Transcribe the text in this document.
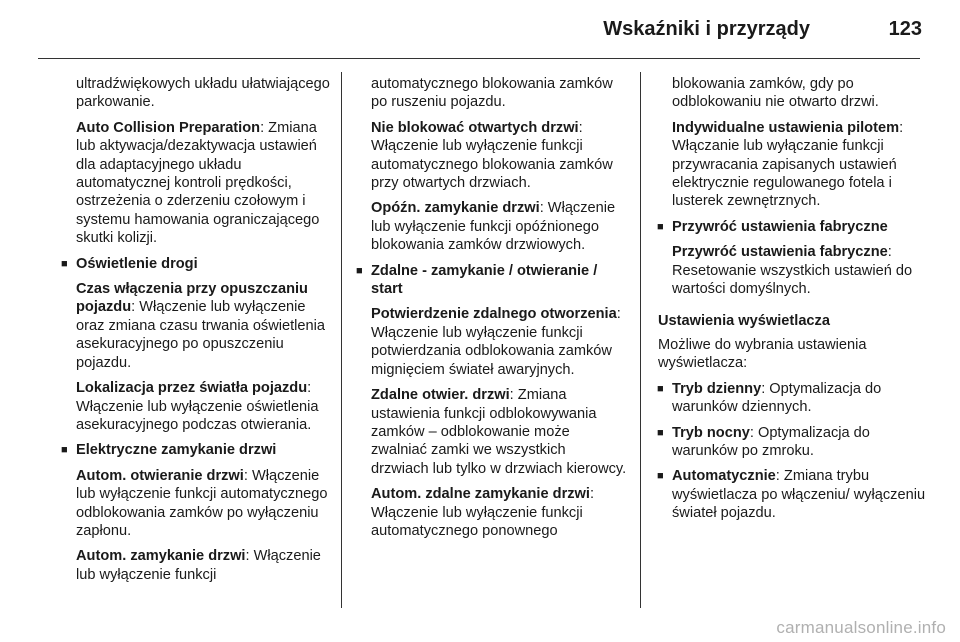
Wskaźniki i przyrządy	123

ultradźwiękowych układu ułatwiającego parkowanie.

Auto Collision Preparation: Zmiana lub aktywacja/dezaktywacja ustawień dla adaptacyjnego układu automatycznej kontroli prędkości, ostrzeżenia o zderzeniu czołowym i systemu hamowania ograniczającego skutki kolizji.

■ Oświetlenie drogi

Czas włączenia przy opuszczaniu pojazdu: Włączenie lub wyłączenie oraz zmiana czasu trwania oświetlenia asekuracyjnego po opuszczeniu pojazdu.

Lokalizacja przez światła pojazdu: Włączenie lub wyłączenie oświetlenia asekuracyjnego podczas otwierania.

■ Elektryczne zamykanie drzwi

Autom. otwieranie drzwi: Włączenie lub wyłączenie funkcji automatycznego odblokowania zamków po wyłączeniu zapłonu.

Autom. zamykanie drzwi: Włączenie lub wyłączenie funkcji

automatycznego blokowania zamków po ruszeniu pojazdu.

Nie blokować otwartych drzwi: Włączenie lub wyłączenie funkcji automatycznego blokowania zamków przy otwartych drzwiach.

Opóźn. zamykanie drzwi: Włączenie lub wyłączenie funkcji opóźnionego blokowania zamków drzwiowych.

■ Zdalne - zamykanie / otwieranie / start

Potwierdzenie zdalnego otworzenia: Włączenie lub wyłączenie funkcji potwierdzania odblokowania zamków mignięciem świateł awaryjnych.

Zdalne otwier. drzwi: Zmiana ustawienia funkcji odblokowywania zamków – odblokowanie może zwalniać zamki we wszystkich drzwiach lub tylko w drzwiach kierowcy.

Autom. zdalne zamykanie drzwi: Włączenie lub wyłączenie funkcji automatycznego ponownego

blokowania zamków, gdy po odblokowaniu nie otwarto drzwi.

Indywidualne ustawienia pilotem: Włączanie lub wyłączanie funkcji przywracania zapisanych ustawień elektrycznie regulowanego fotela i lusterek zewnętrznych.

■ Przywróć ustawienia fabryczne

Przywróć ustawienia fabryczne: Resetowanie wszystkich ustawień do wartości domyślnych.

Ustawienia wyświetlacza

Możliwe do wybrania ustawienia wyświetlacza:

■ Tryb dzienny: Optymalizacja do warunków dziennych.

■ Tryb nocny: Optymalizacja do warunków po zmroku.

■ Automatycznie: Zmiana trybu wyświetlacza po włączeniu/ wyłączeniu świateł pojazdu.

carmanualsonline.info
